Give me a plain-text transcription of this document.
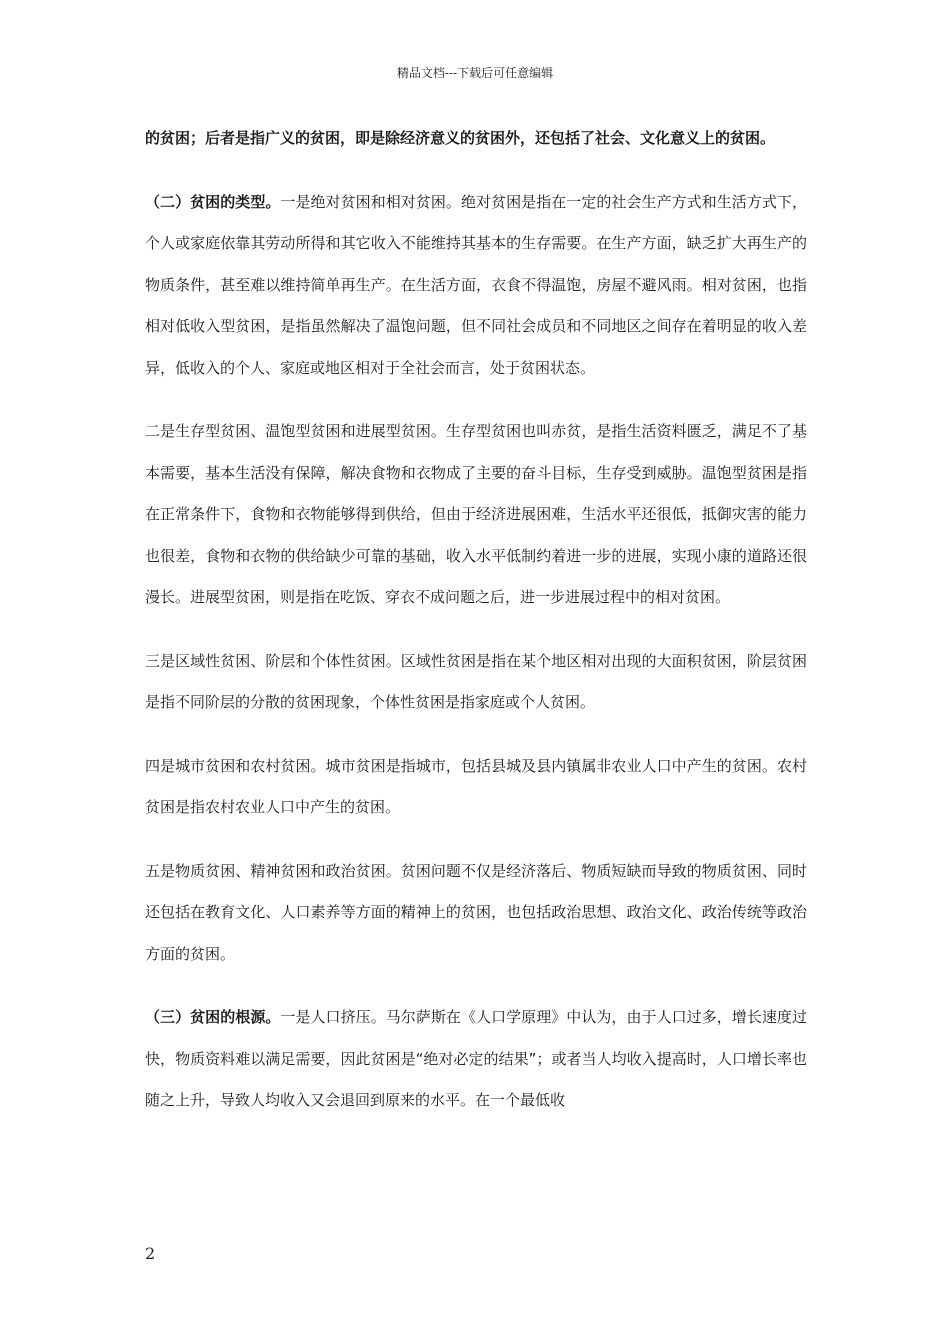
精品文档---下载后可任意编辑

的贫困；后者是指广义的贫困，即是除经济意义的贫困外，还包括了社会、文化意义上的贫困。

（二）贫困的类型。一是绝对贫困和相对贫困。绝对贫困是指在一定的社会生产方式和生活方式下，个人或家庭依靠其劳动所得和其它收入不能维持其基本的生存需要。在生产方面，缺乏扩大再生产的物质条件，甚至难以维持简单再生产。在生活方面，衣食不得温饱，房屋不避风雨。相对贫困，也指相对低收入型贫困，是指虽然解决了温饱问题，但不同社会成员和不同地区之间存在着明显的收入差异，低收入的个人、家庭或地区相对于全社会而言，处于贫困状态。

二是生存型贫困、温饱型贫困和进展型贫困。生存型贫困也叫赤贫，是指生活资料匮乏，满足不了基本需要，基本生活没有保障，解决食物和衣物成了主要的奋斗目标，生存受到威胁。温饱型贫困是指在正常条件下，食物和衣物能够得到供给，但由于经济进展困难，生活水平还很低，抵御灾害的能力也很差，食物和衣物的供给缺少可靠的基础，收入水平低制约着进一步的进展，实现小康的道路还很漫长。进展型贫困，则是指在吃饭、穿衣不成问题之后，进一步进展过程中的相对贫困。

三是区域性贫困、阶层和个体性贫困。区域性贫困是指在某个地区相对出现的大面积贫困，阶层贫困是指不同阶层的分散的贫困现象，个体性贫困是指家庭或个人贫困。

四是城市贫困和农村贫困。城市贫困是指城市，包括县城及县内镇属非农业人口中产生的贫困。农村贫困是指农村农业人口中产生的贫困。

五是物质贫困、精神贫困和政治贫困。贫困问题不仅是经济落后、物质短缺而导致的物质贫困、同时还包括在教育文化、人口素养等方面的精神上的贫困，也包括政治思想、政治文化、政治传统等政治方面的贫困。

（三）贫困的根源。一是人口挤压。马尔萨斯在《人口学原理》中认为，由于人口过多，增长速度过快，物质资料难以满足需要，因此贫困是“绝对必定的结果”；或者当人均收入提高时，人口增长率也随之上升，导致人均收入又会退回到原来的水平。在一个最低收

2
